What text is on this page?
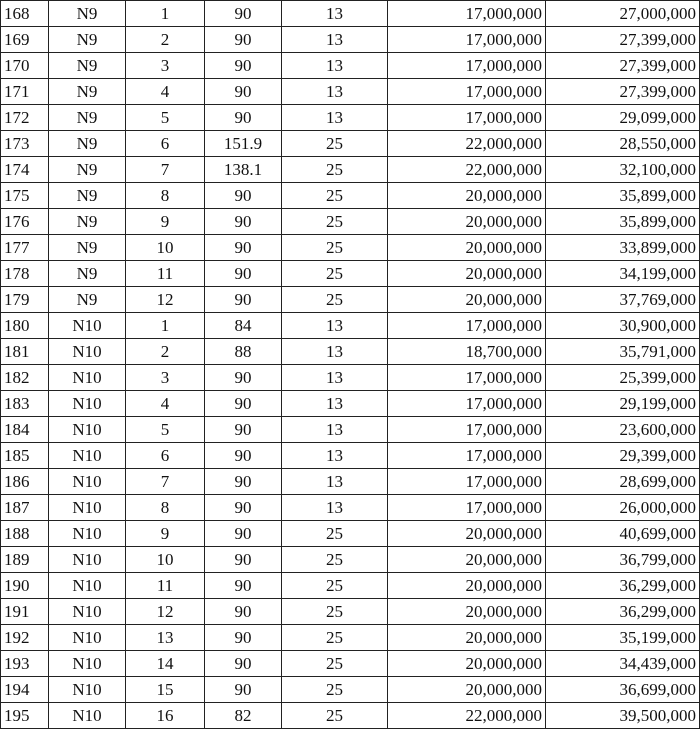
168	N9	1	90	13	17,000,000	27,000,000
169	N9	2	90	13	17,000,000	27,399,000
170	N9	3	90	13	17,000,000	27,399,000
171	N9	4	90	13	17,000,000	27,399,000
172	N9	5	90	13	17,000,000	29,099,000
173	N9	6	151.9	25	22,000,000	28,550,000
174	N9	7	138.1	25	22,000,000	32,100,000
175	N9	8	90	25	20,000,000	35,899,000
176	N9	9	90	25	20,000,000	35,899,000
177	N9	10	90	25	20,000,000	33,899,000
178	N9	11	90	25	20,000,000	34,199,000
179	N9	12	90	25	20,000,000	37,769,000
180	N10	1	84	13	17,000,000	30,900,000
181	N10	2	88	13	18,700,000	35,791,000
182	N10	3	90	13	17,000,000	25,399,000
183	N10	4	90	13	17,000,000	29,199,000
184	N10	5	90	13	17,000,000	23,600,000
185	N10	6	90	13	17,000,000	29,399,000
186	N10	7	90	13	17,000,000	28,699,000
187	N10	8	90	13	17,000,000	26,000,000
188	N10	9	90	25	20,000,000	40,699,000
189	N10	10	90	25	20,000,000	36,799,000
190	N10	11	90	25	20,000,000	36,299,000
191	N10	12	90	25	20,000,000	36,299,000
192	N10	13	90	25	20,000,000	35,199,000
193	N10	14	90	25	20,000,000	34,439,000
194	N10	15	90	25	20,000,000	36,699,000
195	N10	16	82	25	22,000,000	39,500,000
